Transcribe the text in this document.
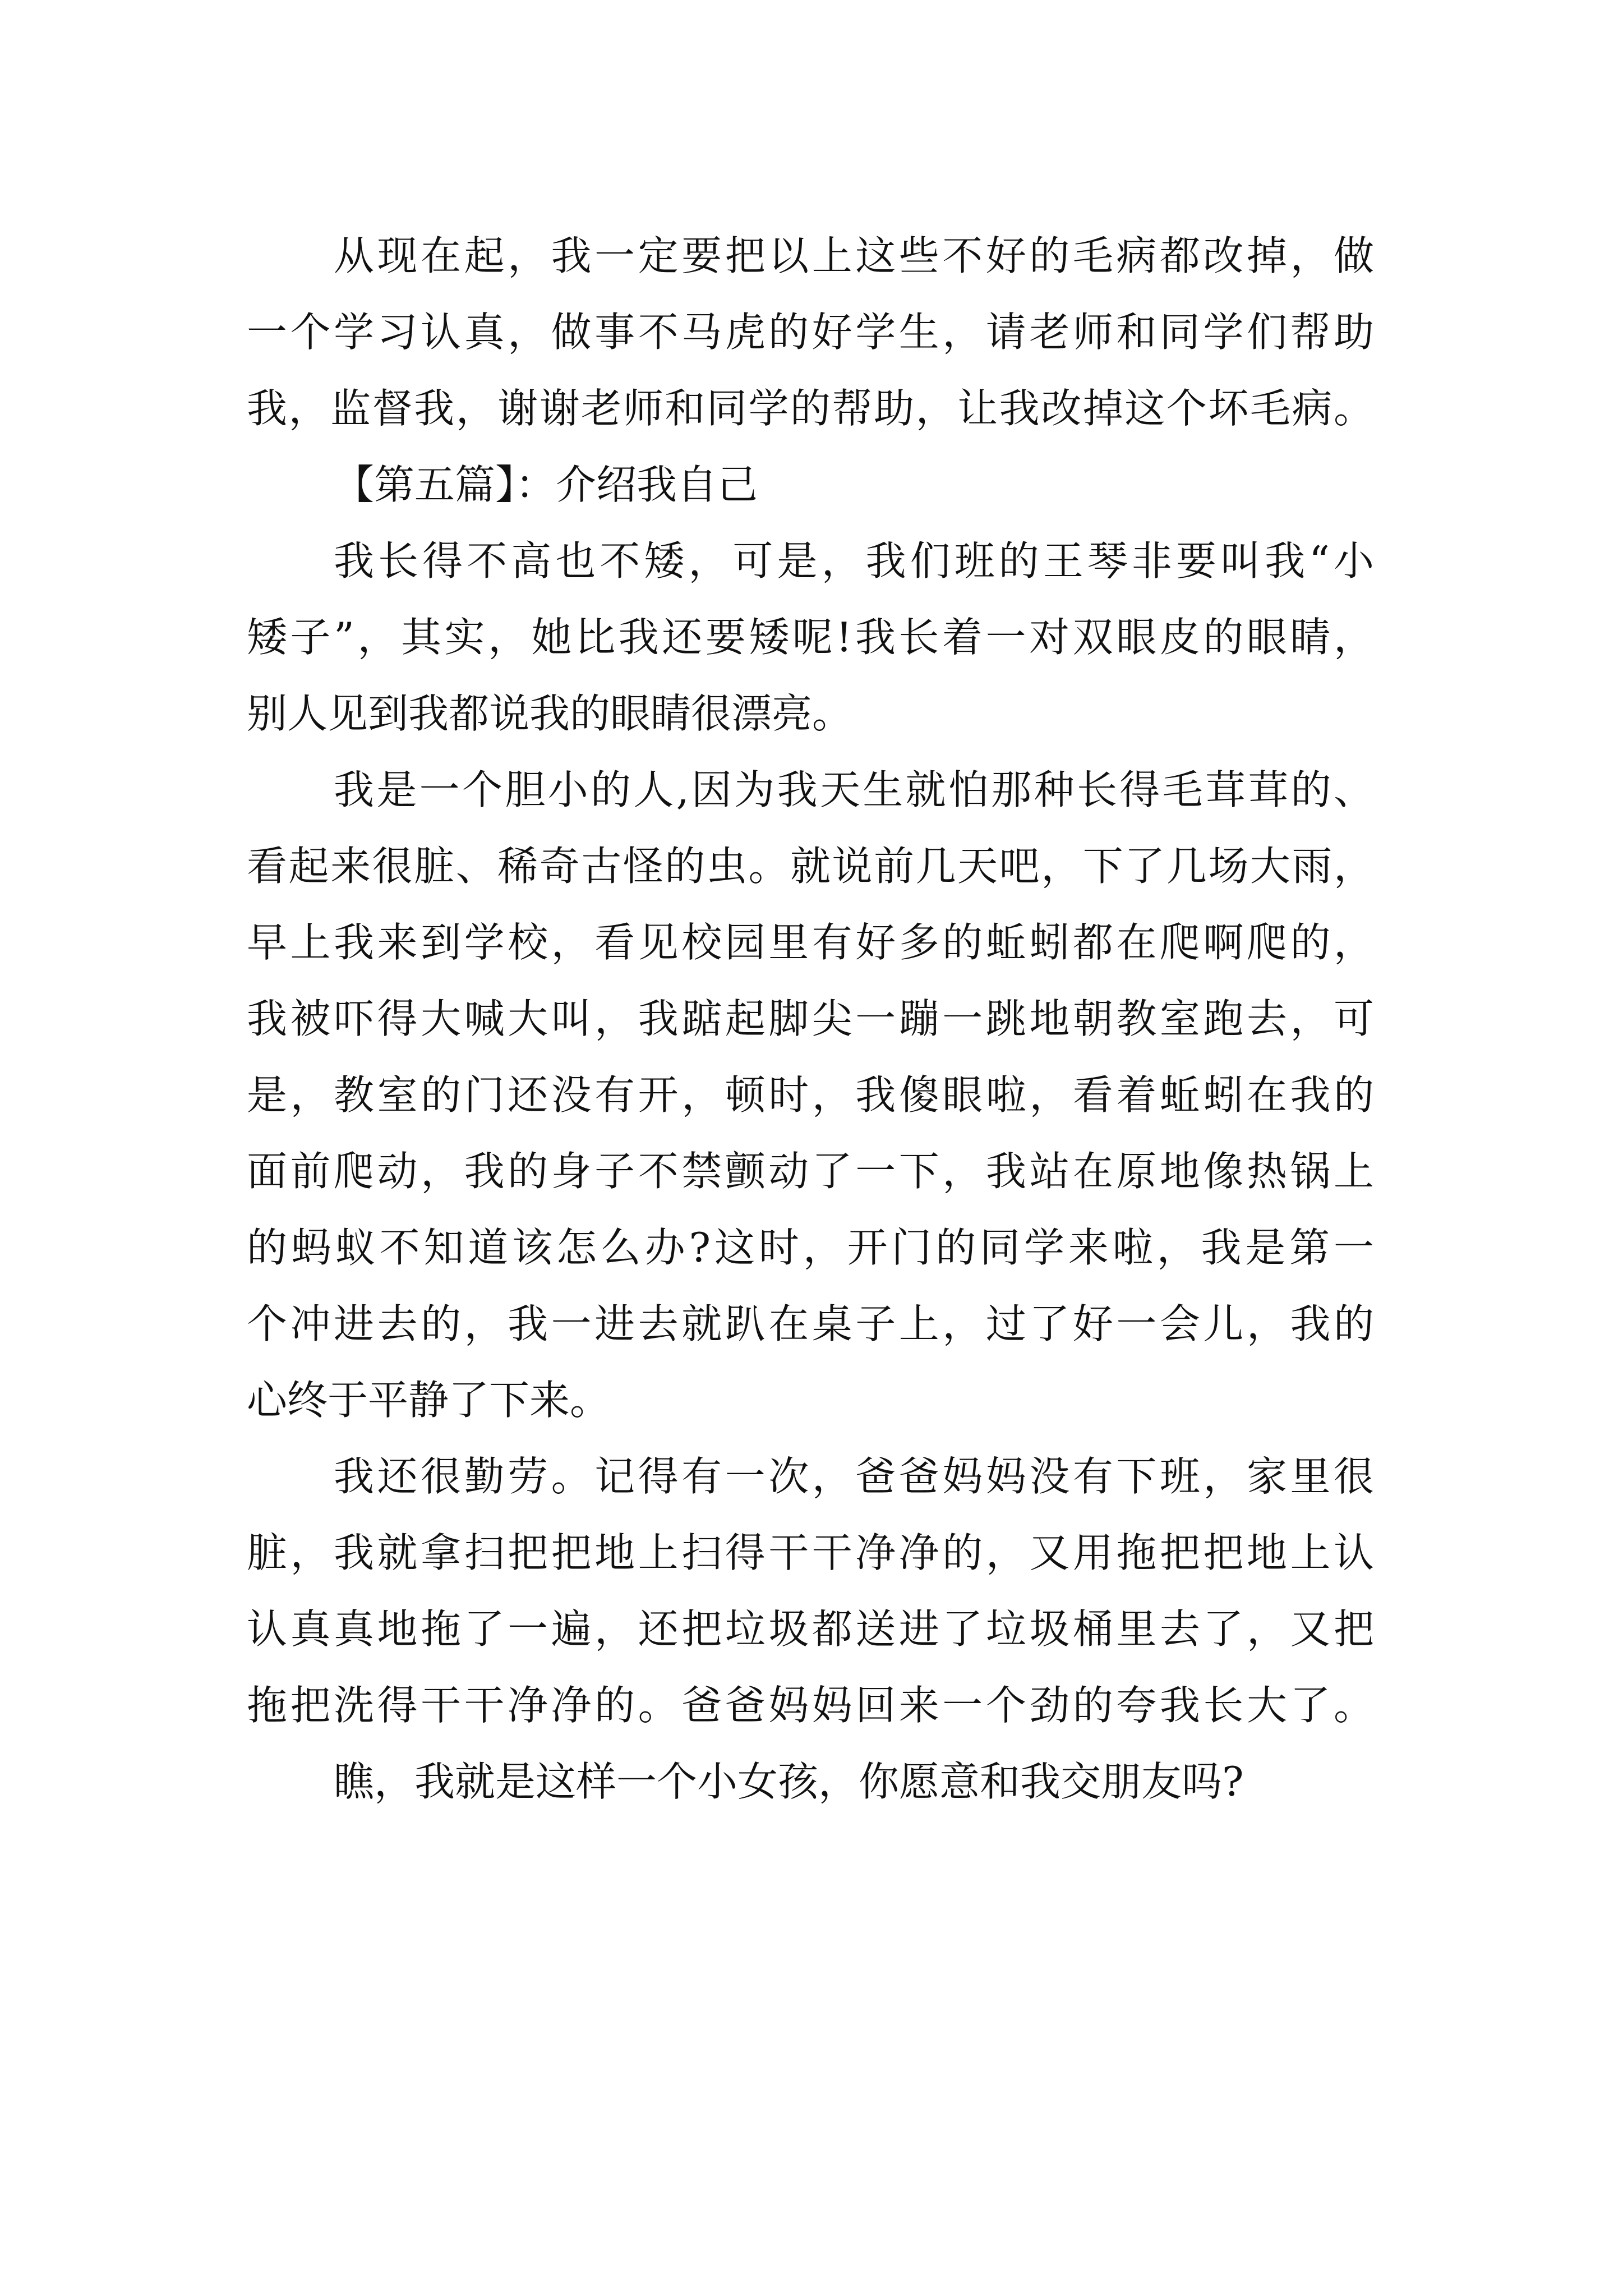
从现在起，我一定要把以上这些不好的毛病都改掉，做
一个学习认真，做事不马虎的好学生，请老师和同学们帮助
我，监督我，谢谢老师和同学的帮助，让我改掉这个坏毛病。
【第五篇】：介绍我自己
我长得不高也不矮，可是，我们班的王琴非要叫我“小
矮子”，其实，她比我还要矮呢!我长着一对双眼皮的眼睛，
别人见到我都说我的眼睛很漂亮。
我是一个胆小的人,因为我天生就怕那种长得毛茸茸的、
看起来很脏、稀奇古怪的虫。就说前几天吧，下了几场大雨，
早上我来到学校，看见校园里有好多的蚯蚓都在爬啊爬的，
我被吓得大喊大叫，我踮起脚尖一蹦一跳地朝教室跑去，可
是，教室的门还没有开，顿时，我傻眼啦，看着蚯蚓在我的
面前爬动，我的身子不禁颤动了一下，我站在原地像热锅上
的蚂蚁不知道该怎么办?这时，开门的同学来啦，我是第一
个冲进去的，我一进去就趴在桌子上，过了好一会儿，我的
心终于平静了下来。
我还很勤劳。记得有一次，爸爸妈妈没有下班，家里很
脏，我就拿扫把把地上扫得干干净净的，又用拖把把地上认
认真真地拖了一遍，还把垃圾都送进了垃圾桶里去了，又把
拖把洗得干干净净的。爸爸妈妈回来一个劲的夸我长大了。
瞧，我就是这样一个小女孩，你愿意和我交朋友吗?
